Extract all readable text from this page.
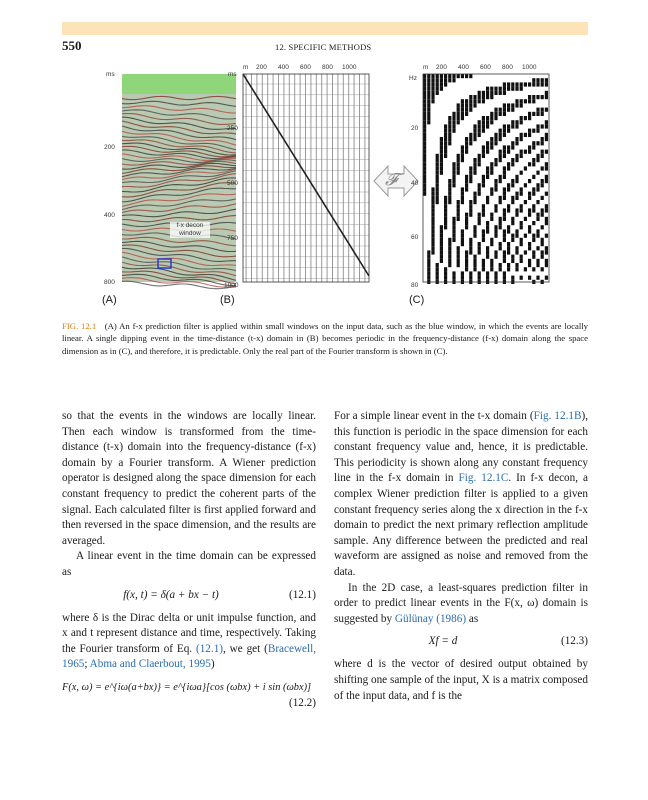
550	12. SPECIFIC METHODS
ms
200
400
800
f-x decon window
(A)
ms
m 200 400 600 800 1000
250
500
750
1000
(B)
Hz
m 200 400 600 800 1000
20
40
60
80
(C)
𝓕
FIG. 12.1 (A) An f-x prediction filter is applied within small windows on the input data, such as the blue window, in which the events are locally linear. A single dipping event in the time-distance (t-x) domain in (B) becomes periodic in the frequency-distance (f-x) domain along the space dimension as in (C), and therefore, it is predictable. Only the real part of the Fourier transform is shown in (C).

so that the events in the windows are locally linear. Then each window is transformed from the time-distance (t-x) domain into the frequency-distance (f-x) domain by a Fourier transform. A Wiener prediction operator is designed along the space dimension for each constant frequency to predict the coherent parts of the signal. Each calculated filter is first applied forward and then reversed in the space dimension, and the results are averaged.

A linear event in the time domain can be expressed as

f(x, t) = δ(a + bx − t)	(12.1)

where δ is the Dirac delta or unit impulse function, and x and t represent distance and time, respectively. Taking the Fourier transform of Eq. (12.1), we get (Bracewell, 1965; Abma and Claerbout, 1995)

F(x, ω) = e^{iω(a+bx)} = e^{iωa}[cos (ωbx) + i sin (ωbx)]
(12.2)

For a simple linear event in the t-x domain (Fig. 12.1B), this function is periodic in the space dimension for each constant frequency value and, hence, it is predictable. This periodicity is shown along any constant frequency line in the f-x domain in Fig. 12.1C. In f-x decon, a complex Wiener prediction filter is applied to a given constant frequency series along the x direction in the f-x domain to predict the next primary reflection amplitude sample. Any difference between the predicted and real waveform are assigned as noise and removed from the data.

In the 2D case, a least-squares prediction filter in order to predict linear events in the F(x, ω) domain is suggested by Gülünay (1986) as

Xf = d	(12.3)

where d is the vector of desired output obtained by shifting one sample of the input, X is a matrix composed of the input data, and f is the
